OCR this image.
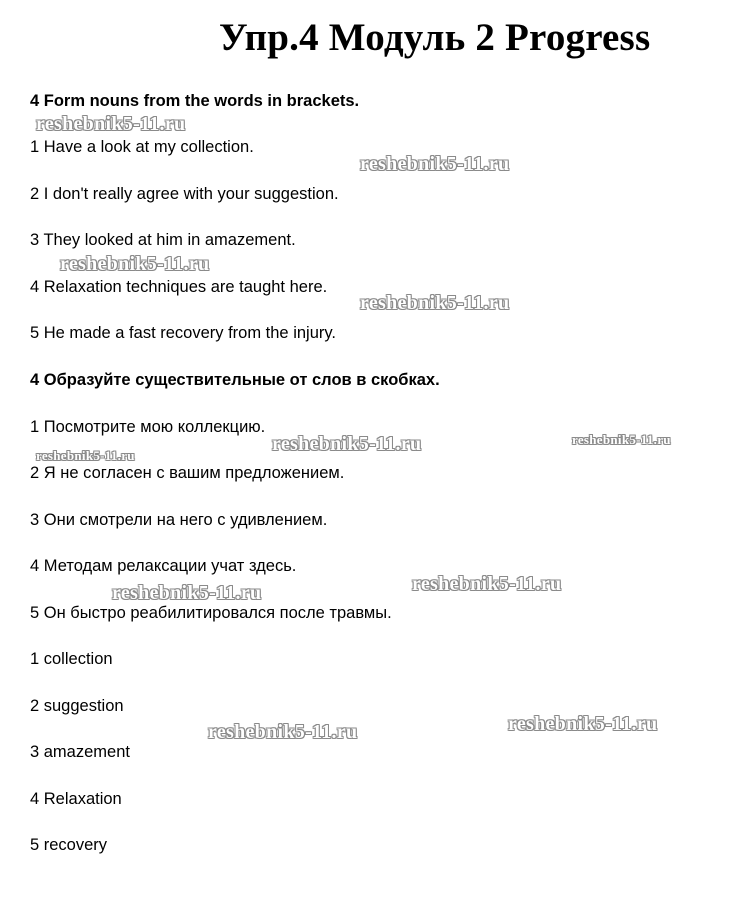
Упр.4 Модуль 2 Progress
4 Form nouns from the words in brackets.
1 Have a look at my collection.
2 I don't really agree with your suggestion.
3 They looked at him in amazement.
4 Relaxation techniques are taught here.
5 He made a fast recovery from the injury.
4 Образуйте существительные от слов в скобках.
1 Посмотрите мою коллекцию.
2 Я не согласен с вашим предложением.
3 Они смотрели на него с удивлением.
4 Методам релаксации учат здесь.
5 Он быстро реабилитировался после травмы.
1 collection
2 suggestion
3 amazement
4 Relaxation
5 recovery
reshebnik5-11.ru
reshebnik5-11.ru
reshebnik5-11.ru
reshebnik5-11.ru
reshebnik5-11.ru	reshebnik5-11.ru
reshebnik5-11.ru
reshebnik5-11.ru
reshebnik5-11.ru
reshebnik5-11.ru
reshebnik5-11.ru
